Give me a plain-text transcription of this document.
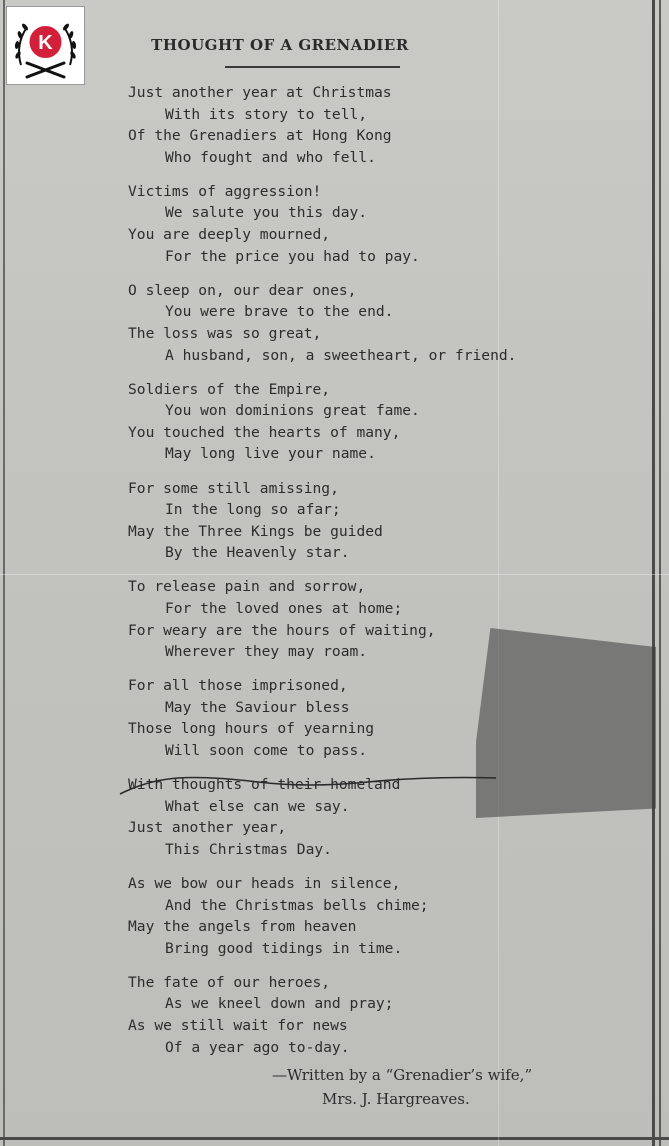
K	THOUGHT OF A GRENADIER
Just another year at Christmas
With its story to tell,
Of the Grenadiers at Hong Kong
Who fought and who fell.
Victims of aggression!
We salute you this day.
You are deeply mourned,
For the price you had to pay.
O sleep on, our dear ones,
You were brave to the end.
The loss was so great,
A husband, son, a sweetheart, or friend.
Soldiers of the Empire,
You won dominions great fame.
You touched the hearts of many,
May long live your name.
For some still amissing,
In the long so afar;
May the Three Kings be guided
By the Heavenly star.
To release pain and sorrow,
For the loved ones at home;
For weary are the hours of waiting,
Wherever they may roam.
For all those imprisoned,
May the Saviour bless
Those long hours of yearning
Will soon come to pass.
With thoughts of their homeland
What else can we say.
Just another year,
This Christmas Day.
As we bow our heads in silence,
And the Christmas bells chime;
May the angels from heaven
Bring good tidings in time.
The fate of our heroes,
As we kneel down and pray;
As we still wait for news
Of a year ago to-day.
—Written by a “Grenadier’s wife,”
Mrs. J. Hargreaves.
